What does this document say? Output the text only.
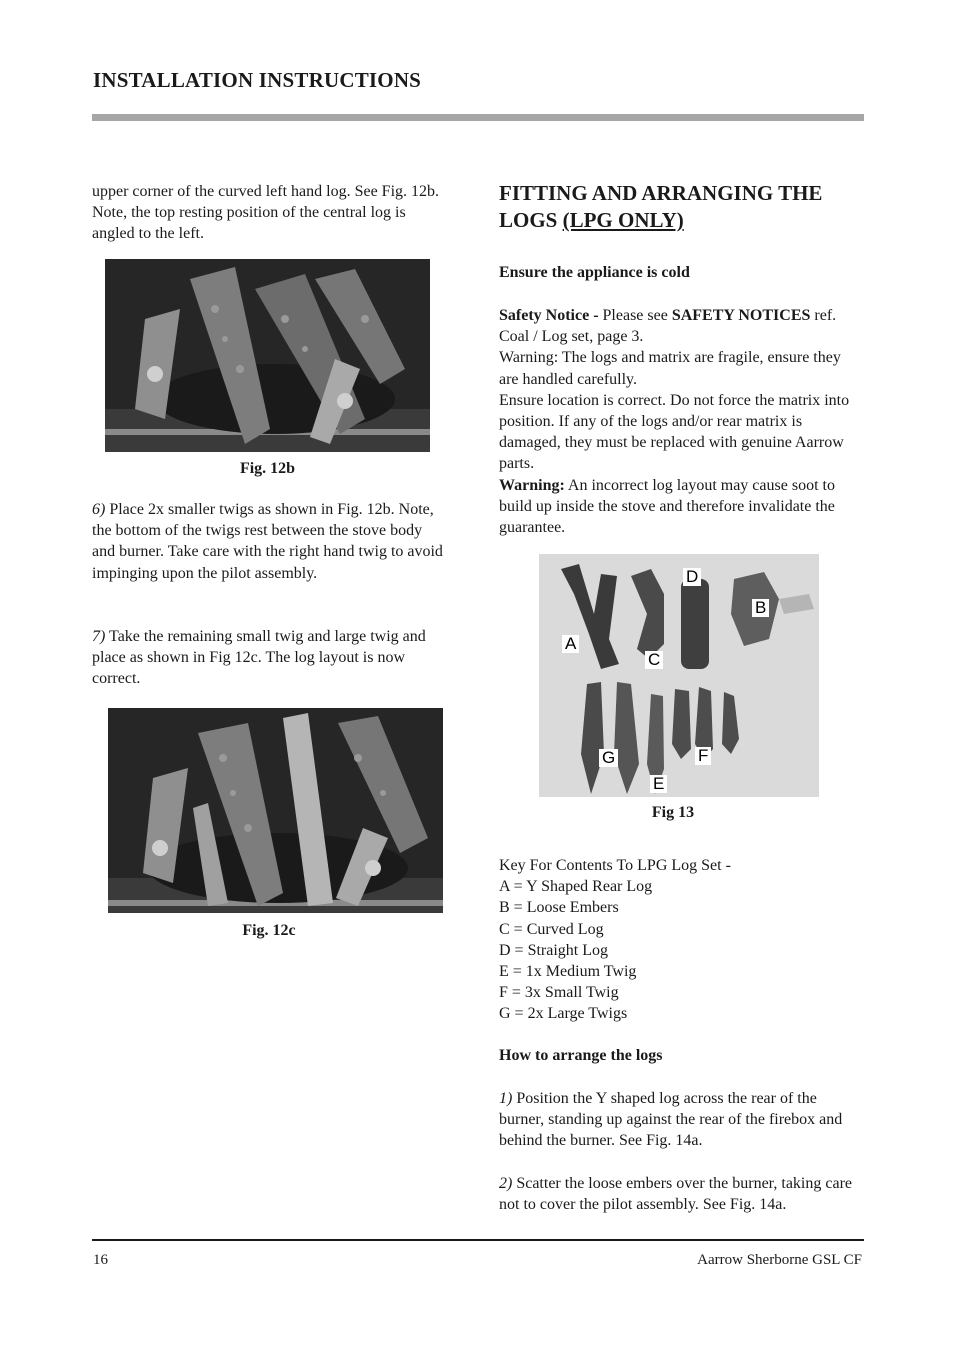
INSTALLATION INSTRUCTIONS

upper corner of the curved left hand log. See Fig. 12b. Note, the top resting position of the central log is angled to the left.

Fig. 12b

6) Place 2x smaller twigs as shown in Fig. 12b. Note, the bottom of the twigs rest between the stove body and burner. Take care with the right hand twig to avoid impinging upon the pilot assembly.

7) Take the remaining small twig and large twig and place as shown in Fig 12c. The log layout is now correct.

Fig. 12c
FITTING AND ARRANGING THE
LOGS (LPG ONLY)

Ensure the appliance is cold

Safety Notice - Please see SAFETY NOTICES ref. Coal / Log set, page 3.

Warning: The logs and matrix are fragile, ensure they are handled carefully.

Ensure location is correct. Do not force the matrix into position. If any of the logs and/or rear matrix is damaged, they must be replaced with genuine Aarrow parts.

Warning: An incorrect log layout may cause soot to build up inside the stove and therefore invalidate the guarantee.

D
B
A
C
F
G
E
Fig 13

Key For Contents To LPG Log Set -

A = Y Shaped Rear Log

B = Loose Embers

C = Curved Log

D = Straight Log

E = 1x Medium Twig

F = 3x Small Twig

G = 2x Large Twigs

How to arrange the logs

1) Position the Y shaped log across the rear of the burner, standing up against the rear of the firebox and behind the burner. See Fig. 14a.

2) Scatter the loose embers over the burner, taking care not to cover the pilot assembly. See Fig. 14a.

16	Aarrow Sherborne GSL CF
